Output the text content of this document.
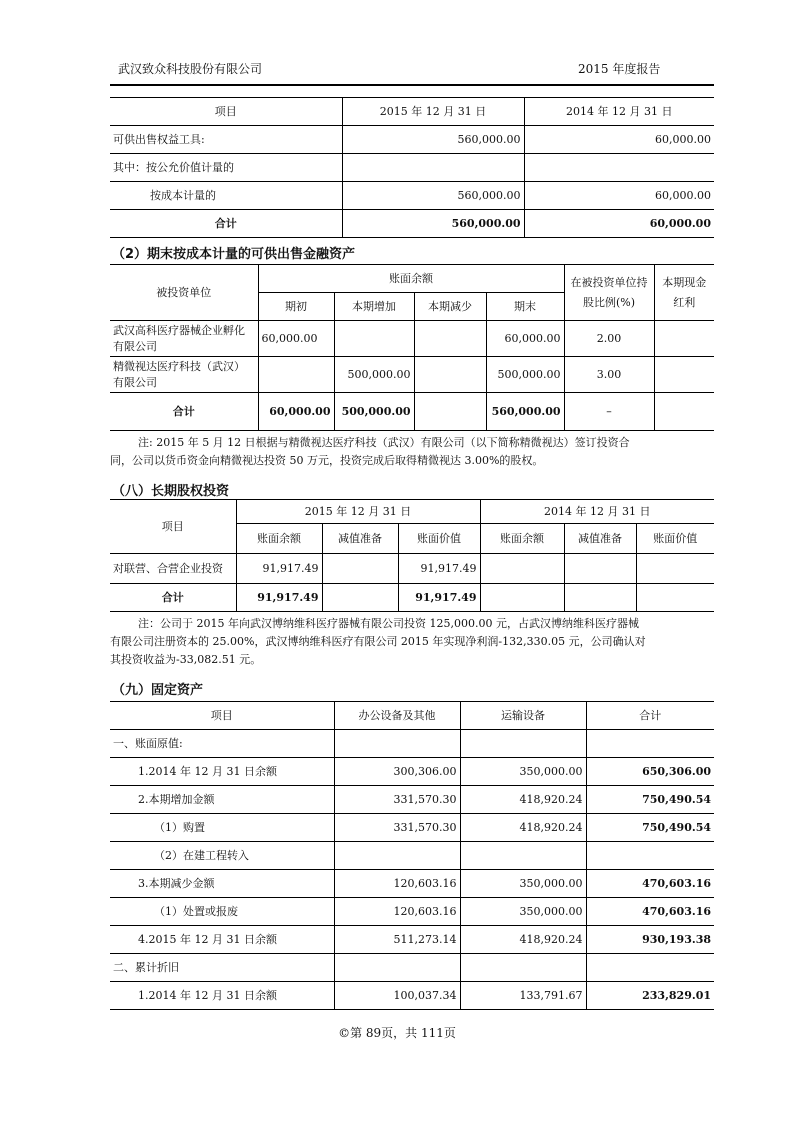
武汉致众科技股份有限公司	2015 年度报告
项目	2015 年 12 月 31 日	2014 年 12 月 31 日
可供出售权益工具:	560,000.00	60,000.00
其中：按公允价值计量的		
按成本计量的	560,000.00	60,000.00
合计	560,000.00	60,000.00
（2）期末按成本计量的可供出售金融资产
被投资单位	账面余额				在被投资单位持股比例(%)	本期现金红利
	期初	本期增加	本期减少	期末		
武汉高科医疗器械企业孵化有限公司	60,000.00			60,000.00	2.00	
精微视达医疗科技（武汉）有限公司		500,000.00		500,000.00	3.00	
合计	60,000.00	500,000.00		560,000.00	–	
注: 2015 年 5 月 12 日根据与精微视达医疗科技（武汉）有限公司（以下简称精微视达）签订投资合
同，公司以货币资金向精微视达投资 50 万元，投资完成后取得精微视达 3.00%的股权。
（八）长期股权投资
项目	2015 年 12 月 31 日			2014 年 12 月 31 日		
	账面余额	减值准备	账面价值	账面余额	减值准备	账面价值
对联营、合营企业投资	91,917.49		91,917.49			
合计	91,917.49		91,917.49			
注：公司于 2015 年向武汉博纳维科医疗器械有限公司投资 125,000.00 元，占武汉博纳维科医疗器械
有限公司注册资本的 25.00%，武汉博纳维科医疗有限公司 2015 年实现净利润-132,330.05 元，公司确认对
其投资收益为-33,082.51 元。
（九）固定资产
项目	办公设备及其他	运输设备	合计
一、账面原值:			
1.2014 年 12 月 31 日余额	300,306.00	350,000.00	650,306.00
2.本期增加金额	331,570.30	418,920.24	750,490.54
（1）购置	331,570.30	418,920.24	750,490.54
（2）在建工程转入			
3.本期减少金额	120,603.16	350,000.00	470,603.16
（1）处置或报废	120,603.16	350,000.00	470,603.16
4.2015 年 12 月 31 日余额	511,273.14	418,920.24	930,193.38
二、累计折旧			
1.2014 年 12 月 31 日余额	100,037.34	133,791.67	233,829.01
©第 89页，共 111页
